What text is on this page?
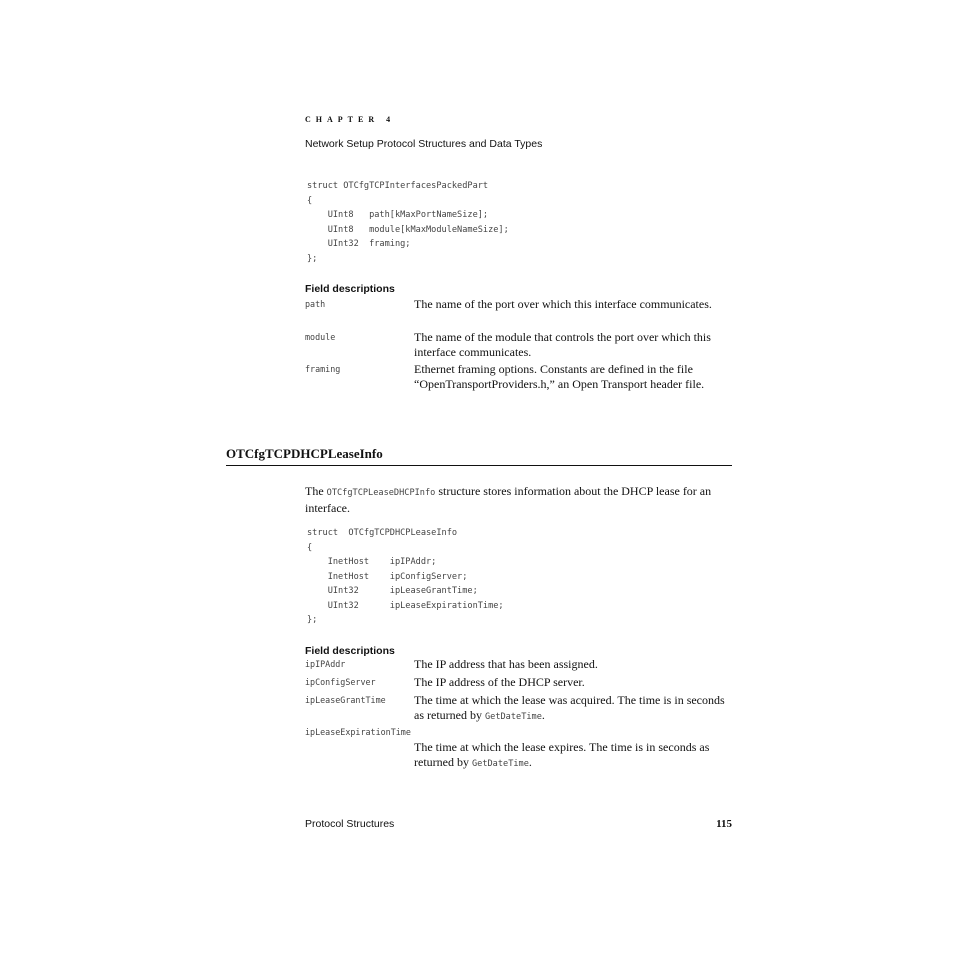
CHAPTER 4
Network Setup Protocol Structures and Data Types
struct OTCfgTCPInterfacesPackedPart
{
UInt8   path[kMaxPortNameSize];
UInt8   module[kMaxModuleNameSize];
UInt32  framing;
};
Field descriptions
path	The name of the port over which this interface communicates.
module	The name of the module that controls the port over which this interface communicates.
framing	Ethernet framing options. Constants are defined in the file “OpenTransportProviders.h,” an Open Transport header file.
OTCfgTCPDHCPLeaseInfo
The OTCfgTCPLeaseDHCPInfo structure stores information about the DHCP lease for an interface.
struct  OTCfgTCPDHCPLeaseInfo
{
InetHost    ipIPAddr;
InetHost    ipConfigServer;
UInt32      ipLeaseGrantTime;
UInt32      ipLeaseExpirationTime;
};
Field descriptions
ipIPAddr	The IP address that has been assigned.
ipConfigServer	The IP address of the DHCP server.
ipLeaseGrantTime The time at which the lease was acquired. The time is in seconds as returned by GetDateTime.
ipLeaseExpirationTime
The time at which the lease expires. The time is in seconds as returned by GetDateTime.
Protocol Structures	115
